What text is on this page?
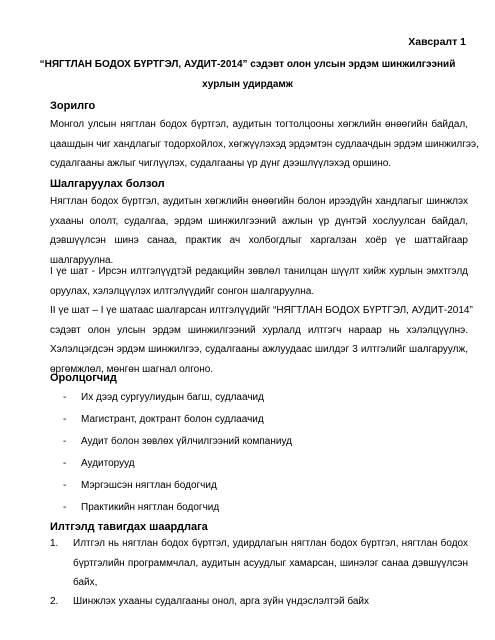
Хавсралт 1
“НЯГТЛАН БОДОХ БҮРТГЭЛ, АУДИТ-2014” сэдэвт олон улсын эрдэм шинжилгээний
хурлын удирдамж
Зорилго

Монгол улсын нягтлан бодох бүртгэл, аудитын тогтолцооны хөгжлийн өнөөгийн байдал,
цаашдын чиг хандлагыг тодорхойлох, хөгжүүлэхэд эрдэмтэн судлаачдын эрдэм шинжилгээ,
судалгааны ажлыг чиглүүлэх, судалгааны үр дүнг дээшлүүлэхэд оршино.

Шалгаруулах болзол

Нягтлан бодох бүртгэл, аудитын хөгжлийн өнөөгийн болон ирээдүйн хандлагыг шинжлэх
ухааны ололт, судалгаа, эрдэм шинжилгээний ажлын үр дүнтэй хослуулсан байдал,
дэвшүүлсэн шинэ санаа, практик ач холбогдлыг харгалзан хоёр үе шаттайгаар
шалгаруулна.

I үе шат - Ирсэн илтгэлүүдтэй редакцийн зөвлөл танилцан шүүлт хийж хурлын эмхтгэлд
оруулах, хэлэлцүүлэх илтгэлүүдийг сонгон шалгаруулна.

II үе шат – I үе шатаас шалгарсан илтгэлүүдийг “НЯГТЛАН БОДОХ БҮРТГЭЛ, АУДИТ-2014”
сэдэвт олон улсын эрдэм шинжилгээний хурлалд илтгэгч нараар нь хэлэлцүүлнэ.
Хэлэлцэгдсэн эрдэм шинжилгээ, судалгааны ажлуудаас шилдэг 3 илтгэлийг шалгаруулж,
өргөмжлөл, мөнгөн шагнал олгоно.

Оролцогчид
- Их дээд сургуулиудын багш, судлаачид
- Магистрант, доктрант болон судлаачид
- Аудит болон зөвлөх үйлчилгээний компаниуд
- Аудиторууд
- Мэргэшсэн нягтлан бодогчид
- Практикийн нягтлан бодогчид
Илтгэлд тавигдах шаардлага
1. Илтгэл нь нягтлан бодох бүртгэл, удирдлагын нягтлан бодох бүртгэл, нягтлан бодох
бүртгэлийн программчлал, аудитын асуудлыг хамарсан, шинэлэг санаа дэвшүүлсэн
байх,
2. Шинжлэх ухааны судалгааны онол, арга зүйн үндэслэлтэй байх
